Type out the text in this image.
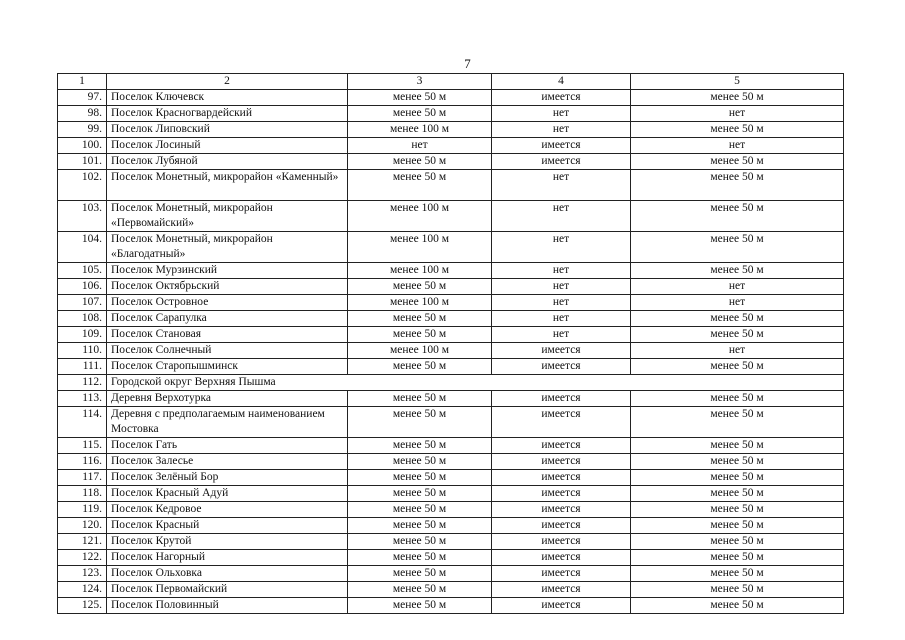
7
1	2	3	4	5
97.	Поселок Ключевск	менее 50 м	имеется	менее 50 м
98.	Поселок Красногвардейский	менее 50 м	нет	нет
99.	Поселок Липовский	менее 100 м	нет	менее 50 м
100.	Поселок Лосиный	нет	имеется	нет
101.	Поселок Лубяной	менее 50 м	имеется	менее 50 м
102.	Поселок Монетный, микрорайон «Каменный»	менее 50 м	нет	менее 50 м
103.	Поселок Монетный, микрорайон «Первомайский»	менее 100 м	нет	менее 50 м
104.	Поселок Монетный, микрорайон «Благодатный»	менее 100 м	нет	менее 50 м
105.	Поселок Мурзинский	менее 100 м	нет	менее 50 м
106.	Поселок Октябрьский	менее 50 м	нет	нет
107.	Поселок Островное	менее 100 м	нет	нет
108.	Поселок Сарапулка	менее 50 м	нет	менее 50 м
109.	Поселок Становая	менее 50 м	нет	менее 50 м
110.	Поселок Солнечный	менее 100 м	имеется	нет
111.	Поселок Старопышминск	менее 50 м	имеется	менее 50 м
112.	Городской округ Верхняя Пышма			
113.	Деревня Верхотурка	менее 50 м	имеется	менее 50 м
114.	Деревня с предполагаемым наименованием Мостовка	менее 50 м	имеется	менее 50 м
115.	Поселок Гать	менее 50 м	имеется	менее 50 м
116.	Поселок Залесье	менее 50 м	имеется	менее 50 м
117.	Поселок Зелёный Бор	менее 50 м	имеется	менее 50 м
118.	Поселок Красный Адуй	менее 50 м	имеется	менее 50 м
119.	Поселок Кедровое	менее 50 м	имеется	менее 50 м
120.	Поселок Красный	менее 50 м	имеется	менее 50 м
121.	Поселок Крутой	менее 50 м	имеется	менее 50 м
122.	Поселок Нагорный	менее 50 м	имеется	менее 50 м
123.	Поселок Ольховка	менее 50 м	имеется	менее 50 м
124.	Поселок Первомайский	менее 50 м	имеется	менее 50 м
125.	Поселок Половинный	менее 50 м	имеется	менее 50 м
